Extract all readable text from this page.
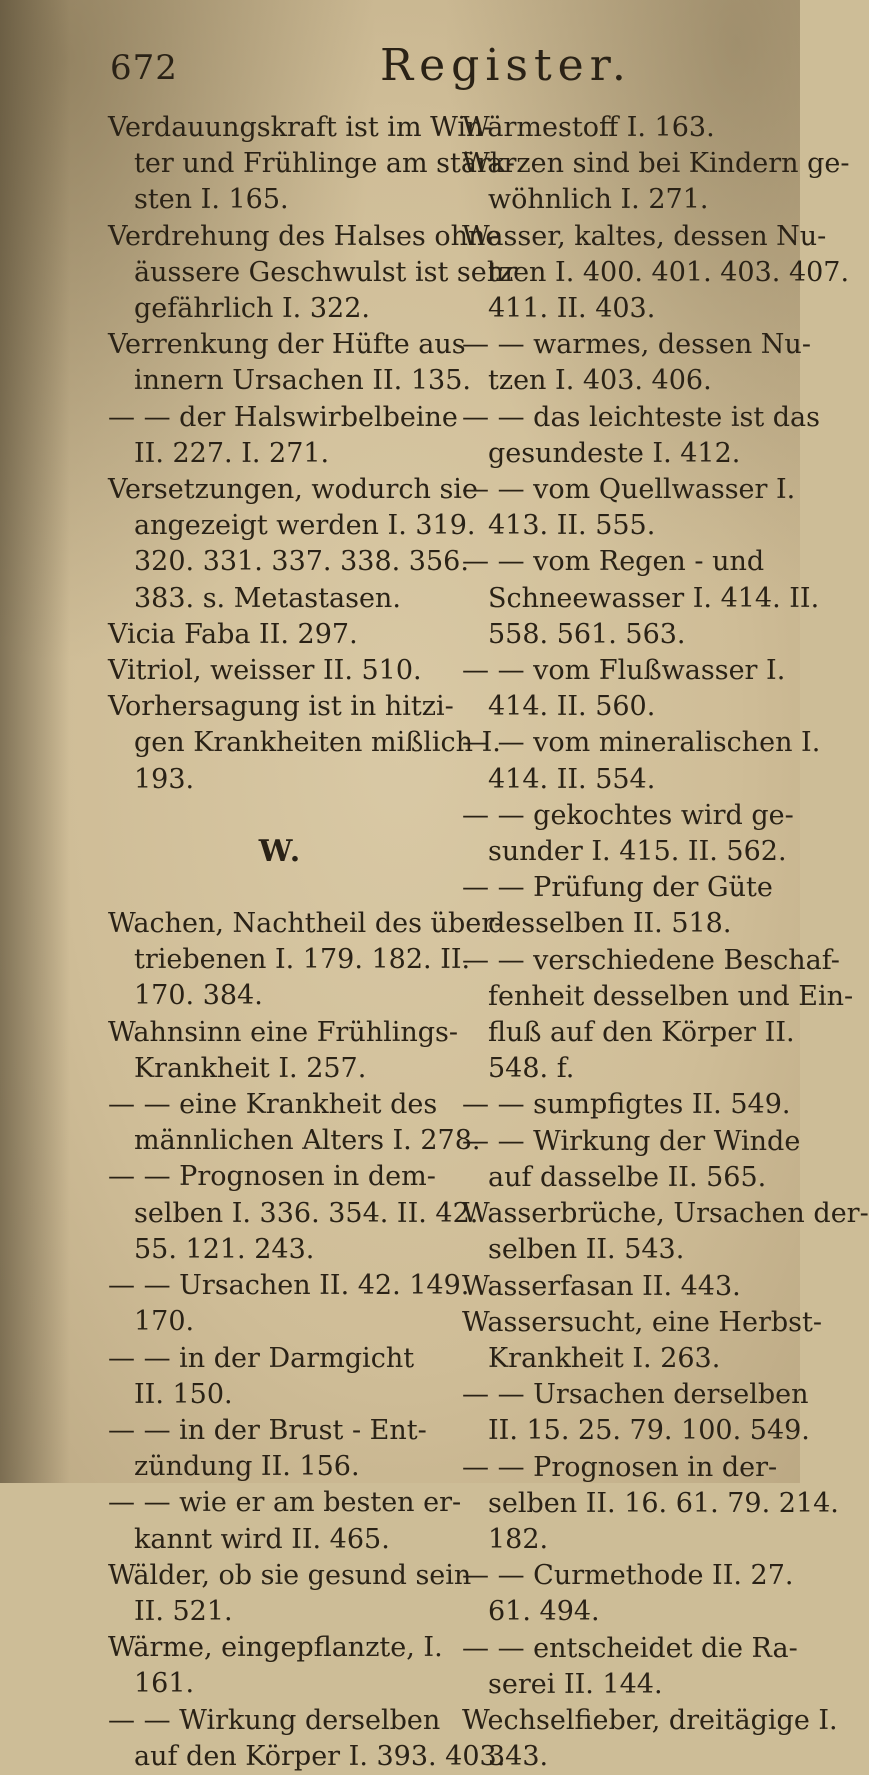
672	Register.

Verdauungskraft ist im Win-
ter und Frühlinge am stärk-
sten I. 165.

Verdrehung des Halses ohne
äussere Geschwulst ist sehr
gefährlich I. 322.

Verrenkung der Hüfte aus
innern Ursachen II. 135.

— — der Halswirbelbeine
II. 227. I. 271.

Versetzungen, wodurch sie
angezeigt werden I. 319.
320. 331. 337. 338. 356.
383. s. Metastasen.

Vicia Faba II. 297.

Vitriol, weisser II. 510.

Vorhersagung ist in hitzi-
gen Krankheiten mißlich I.
193.

W.

Wachen, Nachtheil des über-
triebenen I. 179. 182. II.
170. 384.

Wahnsinn eine Frühlings-
Krankheit I. 257.

— — eine Krankheit des
männlichen Alters I. 278.

— — Prognosen in dem-
selben I. 336. 354. II. 42.
55. 121. 243.

— — Ursachen II. 42. 149.
170.

— — in der Darmgicht
II. 150.

— — in der Brust - Ent-
zündung II. 156.

— — wie er am besten er-
kannt wird II. 465.

Wälder, ob sie gesund sein
II. 521.

Wärme, eingepflanzte, I.
161.

— — Wirkung derselben
auf den Körper I. 393. 403.

Wärmestoff I. 163.

Warzen sind bei Kindern ge-
wöhnlich I. 271.

Wasser, kaltes, dessen Nu-
tzen I. 400. 401. 403. 407.
411. II. 403.

— — warmes, dessen Nu-
tzen I. 403. 406.

— — das leichteste ist das
gesundeste I. 412.

— — vom Quellwasser I.
413. II. 555.

— — vom Regen - und
Schneewasser I. 414. II.
558. 561. 563.

— — vom Flußwasser I.
414. II. 560.

— — vom mineralischen I.
414. II. 554.

— — gekochtes wird ge-
sunder I. 415. II. 562.

— — Prüfung der Güte
desselben II. 518.

— — verschiedene Beschaf-
fenheit desselben und Ein-
fluß auf den Körper II.
548. f.

— — sumpfigtes II. 549.

— — Wirkung der Winde
auf dasselbe II. 565.

Wasserbrüche, Ursachen der-
selben II. 543.

Wasserfasan II. 443.

Wassersucht, eine Herbst-
Krankheit I. 263.

— — Ursachen derselben
II. 15. 25. 79. 100. 549.

— — Prognosen in der-
selben II. 16. 61. 79. 214.
182.

— — Curmethode II. 27.
61. 494.

— — entscheidet die Ra-
serei II. 144.

Wechselfieber, dreitägige I.
343.
